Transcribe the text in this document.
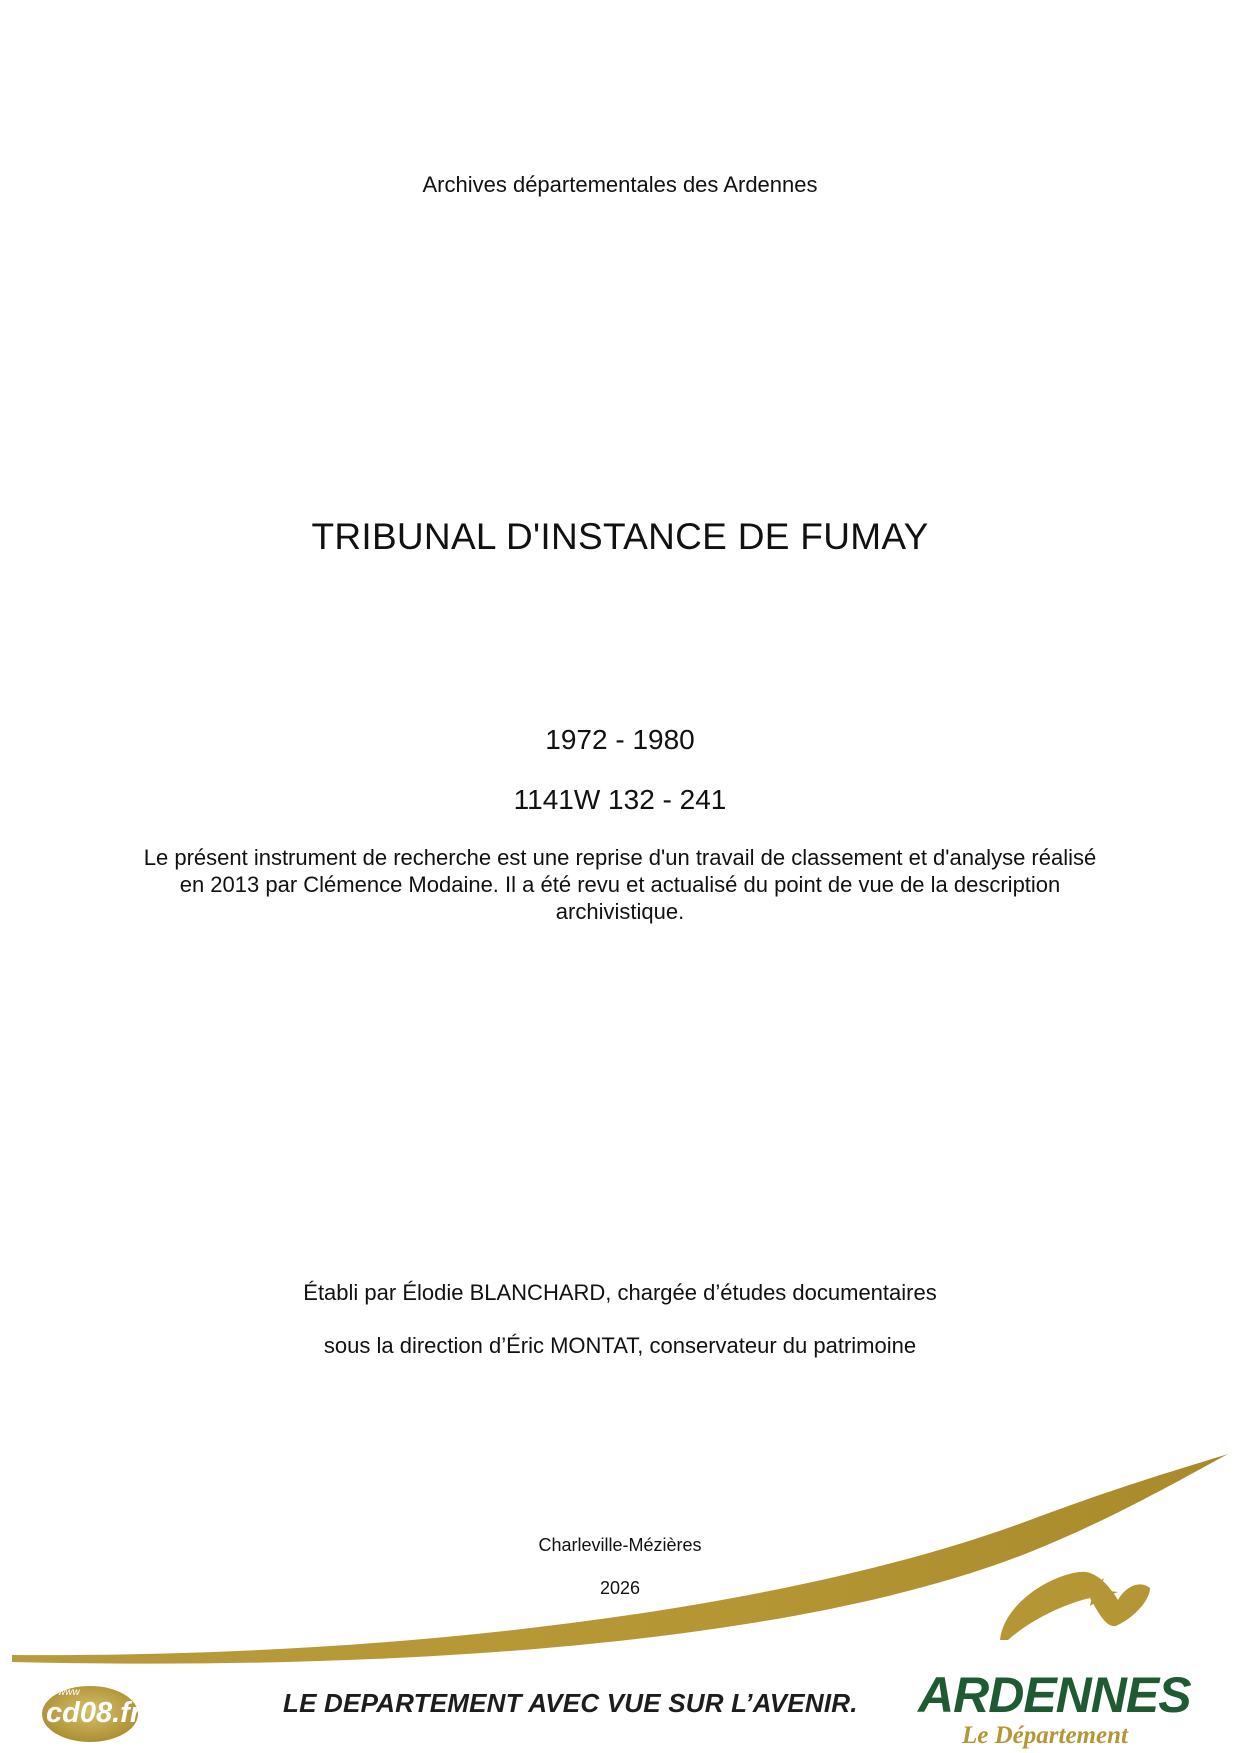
Archives départementales des Ardennes
TRIBUNAL D'INSTANCE DE FUMAY
1972 - 1980
1141W 132 - 241
Le présent instrument de recherche est une reprise d'un travail de classement et d'analyse réalisé en 2013 par Clémence Modaine. Il a été revu et actualisé du point de vue de la description archivistique.
Établi par Élodie BLANCHARD, chargée d’études documentaires
sous la direction d’Éric MONTAT, conservateur du patrimoine
Charleville-Mézières
2026
www
cd08.fr	ARDENNES
Le Département
LE DEPARTEMENT AVEC VUE SUR L’AVENIR.
